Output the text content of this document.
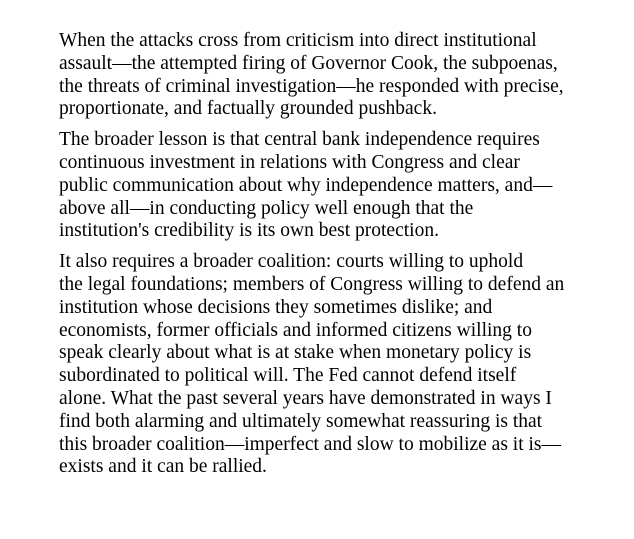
When the attacks cross from criticism into direct institutional
assault—the attempted firing of Governor Cook, the subpoenas,
the threats of criminal investigation—he responded with precise,
proportionate, and factually grounded pushback.

The broader lesson is that central bank independence requires
continuous investment in relations with Congress and clear
public communication about why independence matters, and—
above all—in conducting policy well enough that the
institution's credibility is its own best protection.

It also requires a broader coalition: courts willing to uphold
the legal foundations; members of Congress willing to defend an
institution whose decisions they sometimes dislike; and
economists, former officials and informed citizens willing to
speak clearly about what is at stake when monetary policy is
subordinated to political will. The Fed cannot defend itself
alone. What the past several years have demonstrated in ways I
find both alarming and ultimately somewhat reassuring is that
this broader coalition—imperfect and slow to mobilize as it is—
exists and it can be rallied.
